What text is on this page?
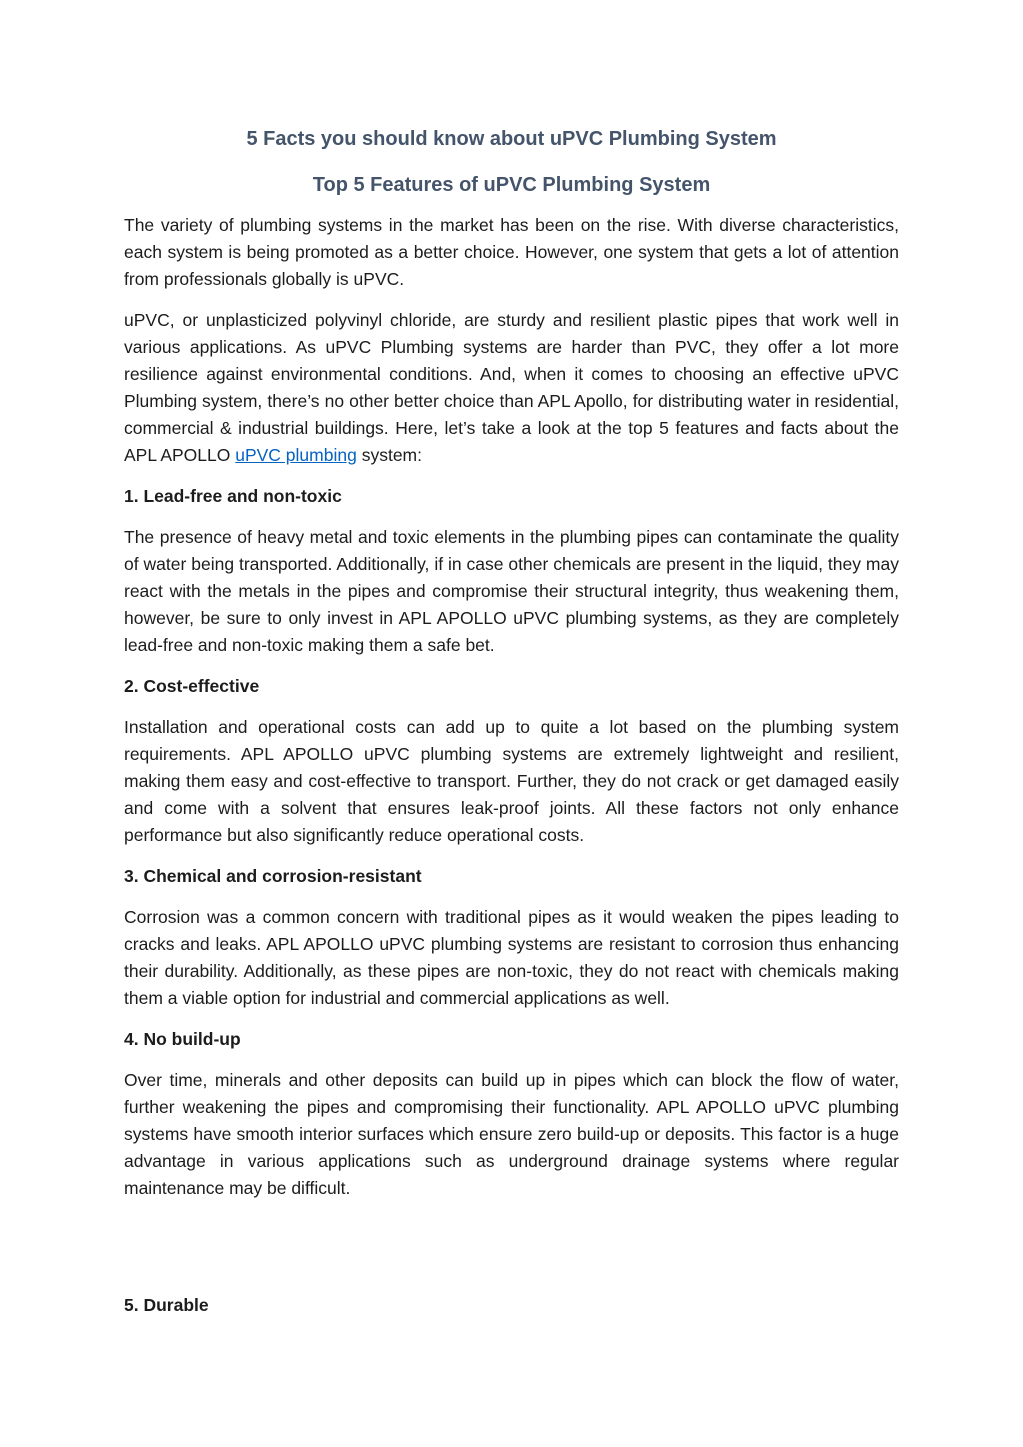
5 Facts you should know about uPVC Plumbing System
Top 5 Features of uPVC Plumbing System

The variety of plumbing systems in the market has been on the rise. With diverse characteristics, each system is being promoted as a better choice. However, one system that gets a lot of attention from professionals globally is uPVC.

uPVC, or unplasticized polyvinyl chloride, are sturdy and resilient plastic pipes that work well in various applications. As uPVC Plumbing systems are harder than PVC, they offer a lot more resilience against environmental conditions. And, when it comes to choosing an effective uPVC Plumbing system, there’s no other better choice than APL Apollo, for distributing water in residential, commercial & industrial buildings. Here, let’s take a look at the top 5 features and facts about the APL APOLLO uPVC plumbing system:

1. Lead-free and non-toxic

The presence of heavy metal and toxic elements in the plumbing pipes can contaminate the quality of water being transported. Additionally, if in case other chemicals are present in the liquid, they may react with the metals in the pipes and compromise their structural integrity, thus weakening them, however, be sure to only invest in APL APOLLO uPVC plumbing systems, as they are completely lead-free and non-toxic making them a safe bet.

2. Cost-effective

Installation and operational costs can add up to quite a lot based on the plumbing system requirements. APL APOLLO uPVC plumbing systems are extremely lightweight and resilient, making them easy and cost-effective to transport. Further, they do not crack or get damaged easily and come with a solvent that ensures leak-proof joints. All these factors not only enhance performance but also significantly reduce operational costs.

3. Chemical and corrosion-resistant

Corrosion was a common concern with traditional pipes as it would weaken the pipes leading to cracks and leaks. APL APOLLO uPVC plumbing systems are resistant to corrosion thus enhancing their durability. Additionally, as these pipes are non-toxic, they do not react with chemicals making them a viable option for industrial and commercial applications as well.

4. No build-up

Over time, minerals and other deposits can build up in pipes which can block the flow of water, further weakening the pipes and compromising their functionality. APL APOLLO uPVC plumbing systems have smooth interior surfaces which ensure zero build-up or deposits. This factor is a huge advantage in various applications such as underground drainage systems where regular maintenance may be difficult.

5. Durable
